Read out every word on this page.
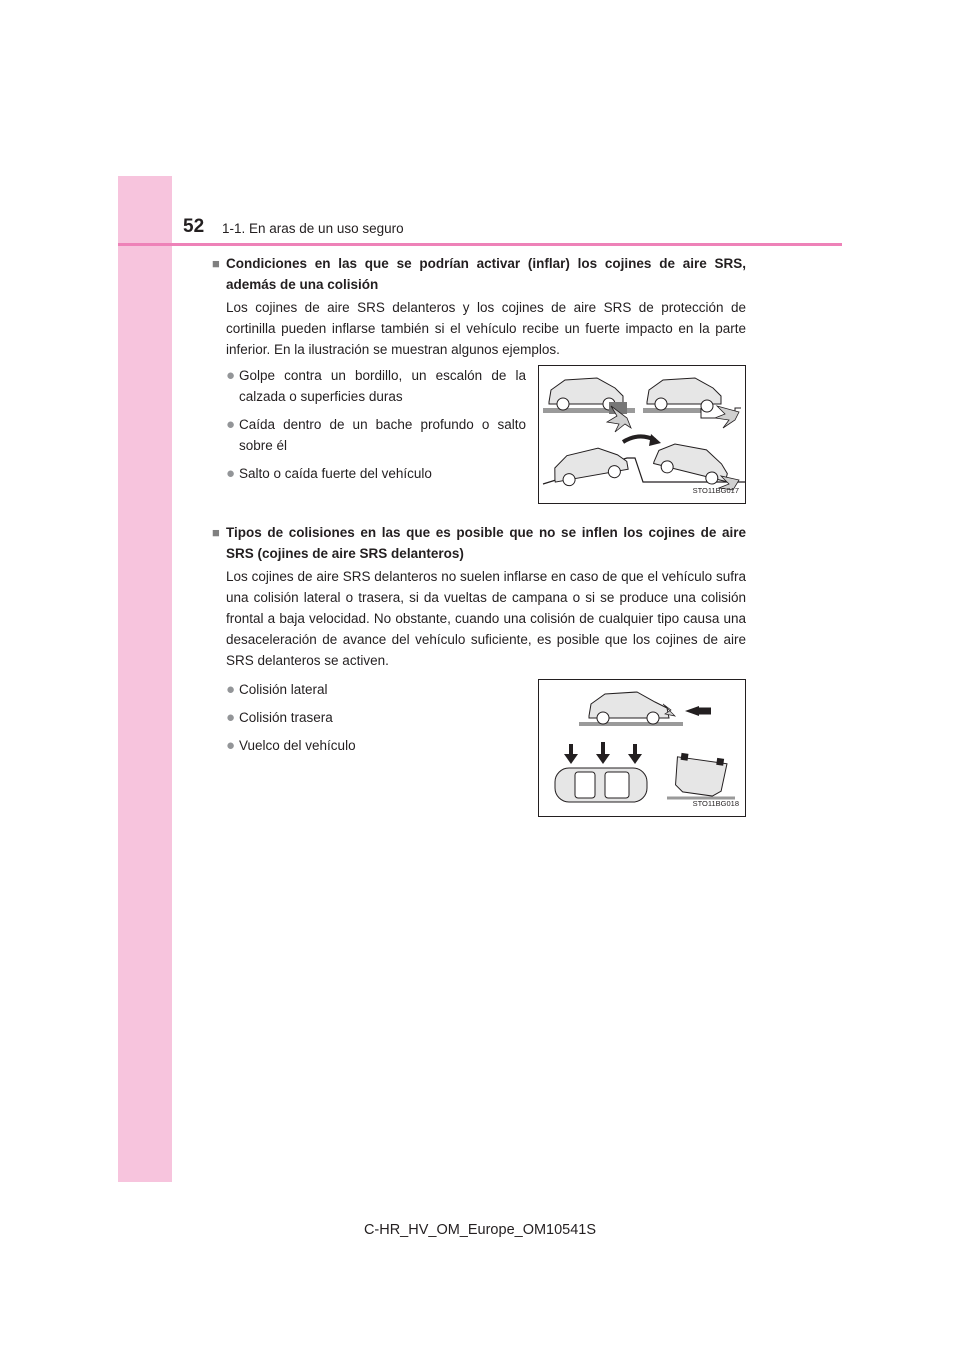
52 1-1. En aras de un uso seguro
■ Condiciones en las que se podrían activar (inflar) los cojines de aire SRS, además de una colisión
Los cojines de aire SRS delanteros y los cojines de aire SRS de protección de cortinilla pueden inflarse también si el vehículo recibe un fuerte impacto en la parte inferior. En la ilustración se muestran algunos ejemplos.
● Golpe contra un bordillo, un escalón de la calzada o superficies duras
● Caída dentro de un bache profundo o salto sobre él
● Salto o caída fuerte del vehículo
STO11BG017
■ Tipos de colisiones en las que es posible que no se inflen los cojines de aire SRS (cojines de aire SRS delanteros)
Los cojines de aire SRS delanteros no suelen inflarse en caso de que el vehículo sufra una colisión lateral o trasera, si da vueltas de campana o si se produce una colisión frontal a baja velocidad. No obstante, cuando una colisión de cualquier tipo causa una desaceleración de avance del vehículo suficiente, es posible que los cojines de aire SRS delanteros se activen.
● Colisión lateral
● Colisión trasera
● Vuelco del vehículo
STO11BG018
C-HR_HV_OM_Europe_OM10541S
